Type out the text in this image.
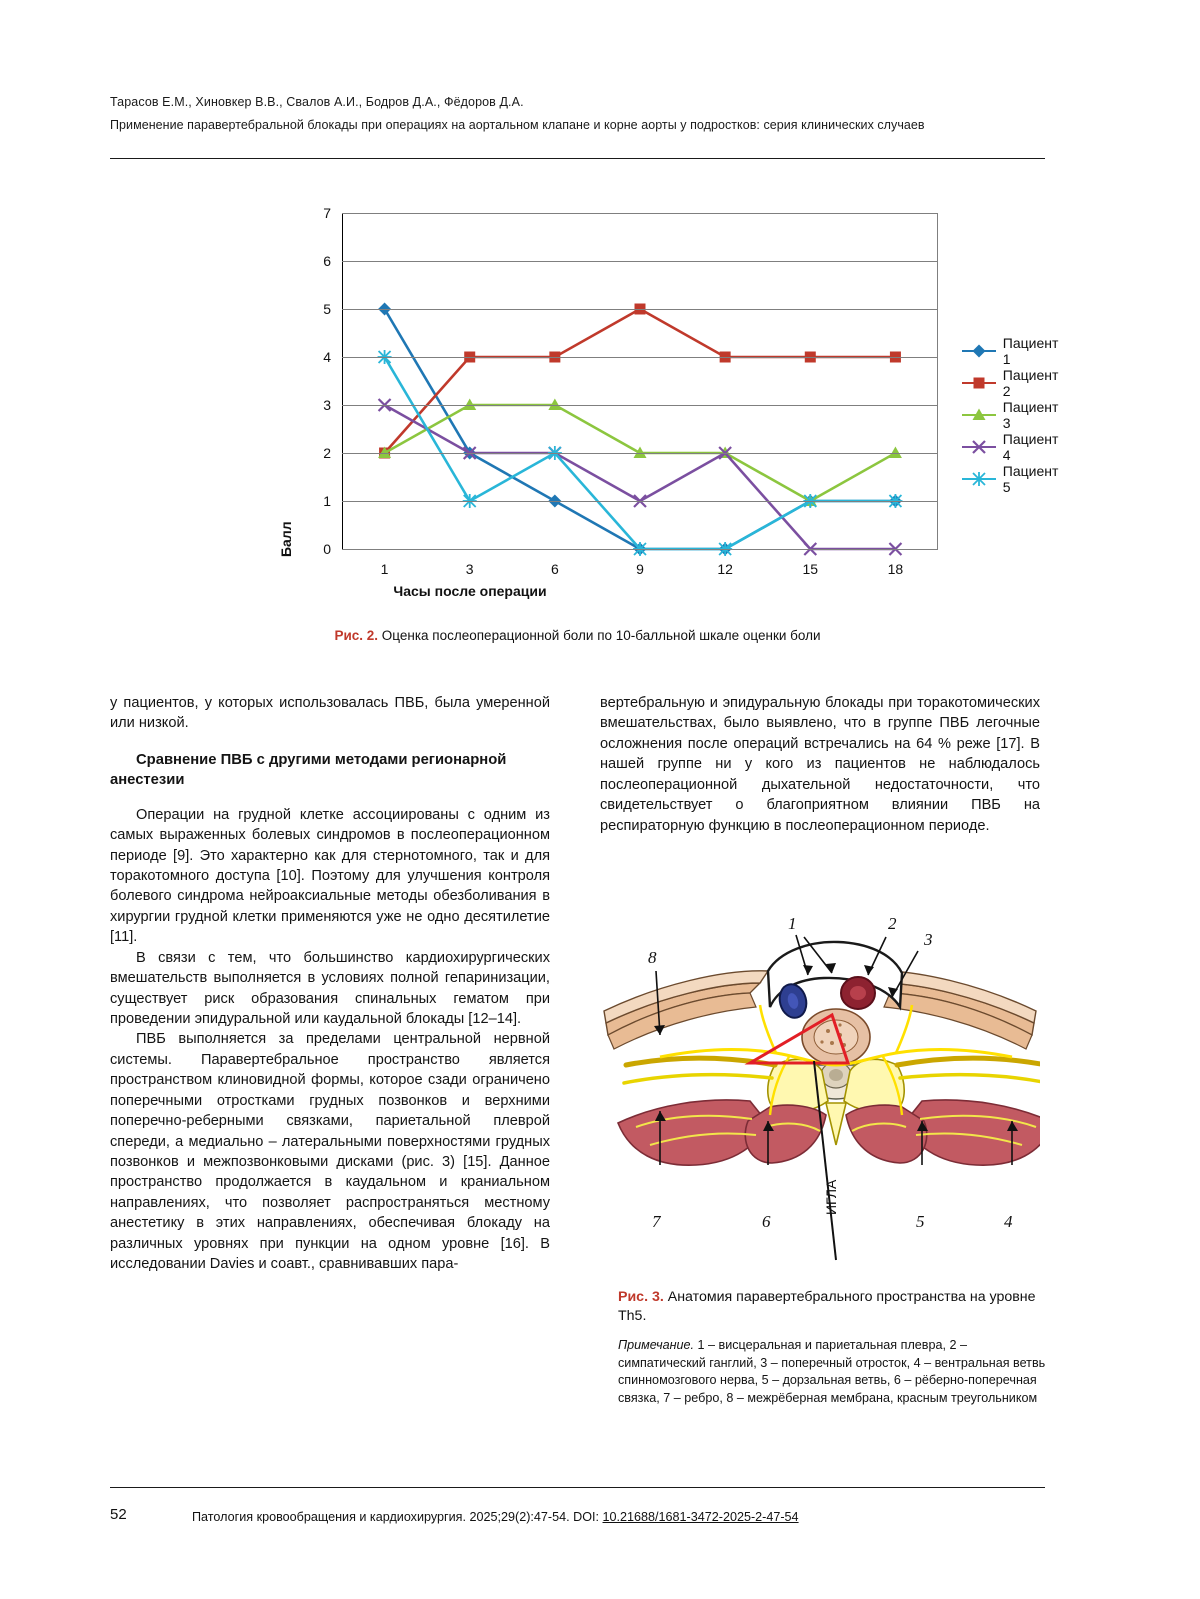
Тарасов Е.М., Хиновкер В.В., Свалов А.И., Бодров Д.А., Фёдоров Д.А.
Применение паравертебральной блокады при операциях на аортальном клапане и корне аорты у подростков: серия клинических случаев
Балл
Часы после операции
0
1
2
3
4
5
6
7
1	3	6	9	12	15	18
Пациент 1
Пациент 2
Пациент 3
Пациент 4
Пациент 5
Рис. 2. Оценка послеоперационной боли по 10-балльной шкале оценки боли

у пациентов, у которых использовалась ПВБ, была умеренной или низкой.

Сравнение ПВБ с другими методами регионарной анестезии

Операции на грудной клетке ассоциированы с одним из самых выраженных болевых синдромов в послеоперационном периоде [9]. Это характерно как для стернотомного, так и для торакотомного доступа [10]. Поэтому для улучшения контроля болевого синдрома нейроаксиальные методы обезболивания в хирургии грудной клетки применяются уже не одно десятилетие [11].

В связи с тем, что большинство кардиохирургических вмешательств выполняется в условиях полной гепаринизации, существует риск образования спинальных гематом при проведении эпидуральной или каудальной блокады [12–14].

ПВБ выполняется за пределами центральной нервной системы. Паравертебральное пространство является пространством клиновидной формы, которое сзади ограничено поперечными отростками грудных позвонков и верхними поперечно-реберными связками, париетальной плеврой спереди, а медиально – латеральными поверхностями грудных позвонков и межпозвонковыми дисками (рис. 3) [15]. Данное пространство продолжается в каудальном и краниальном направлениях, что позволяет распространяться местному анестетику в этих направлениях, обеспечивая блокаду на различных уровнях при пункции на одном уровне [16]. В исследовании Davies и соавт., сравнивавших пара-

вертебральную и эпидуральную блокады при торакотомических вмешательствах, было выявлено, что в группе ПВБ легочные осложнения после операций встречались на 64 % реже [17]. В нашей группе ни у кого из пациентов не наблюдалось послеоперационной дыхательной недостаточности, что свидетельствует о благоприятном влиянии ПВБ на респираторную функцию в послеоперационном периоде.

1	2
3
4
5
6
7
8
ИГЛА
Рис. 3. Анатомия паравертебрального пространства на уровне Th5.
Примечание. 1 – висцеральная и париетальная плевра, 2 – симпатический ганглий, 3 – поперечный отросток, 4 – вентральная ветвь спинномозгового нерва, 5 – дорзальная ветвь, 6 – рёберно-поперечная связка, 7 – ребро, 8 – межрёберная мембрана, красным треугольником
52	Патология кровообращения и кардиохирургия. 2025;29(2):47-54. DOI: 10.21688/1681-3472-2025-2-47-54
